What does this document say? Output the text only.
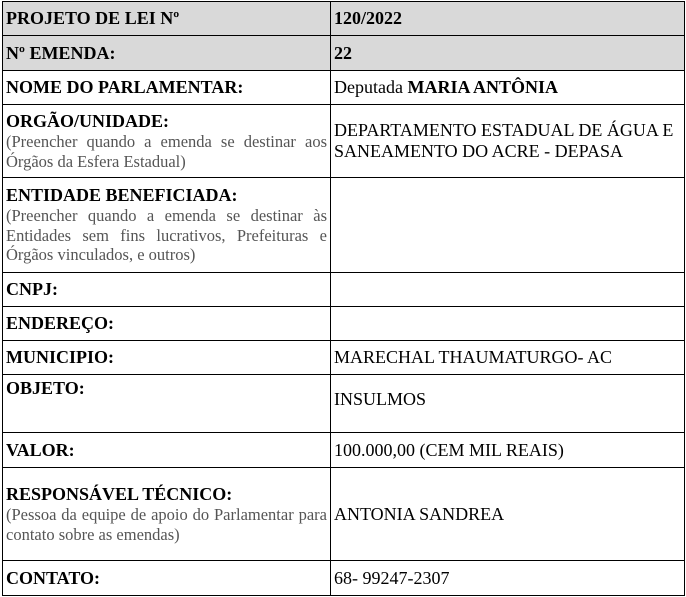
PROJETO DE LEI Nº	120/2022

Nº EMENDA:	22

NOME DO PARLAMENTAR:	Deputada MARIA ANTÔNIA

ORGÃO/UNIDADE:
(Preencher quando a emenda se destinar aos Órgãos da Esfera Estadual)	DEPARTAMENTO ESTADUAL DE ÁGUA E SANEAMENTO DO ACRE - DEPASA

ENTIDADE BENEFICIADA:
(Preencher quando a emenda se destinar às Entidades sem fins lucrativos, Prefeituras e Órgãos vinculados, e outros)	

CNPJ:	

ENDEREÇO:	

MUNICIPIO:	MARECHAL THAUMATURGO- AC

OBJETO:	INSULMOS

VALOR:	100.000,00 (CEM MIL REAIS)

RESPONSÁVEL TÉCNICO:
(Pessoa da equipe de apoio do Parlamentar para contato sobre as emendas)	ANTONIA SANDREA

CONTATO:	68- 99247-2307
